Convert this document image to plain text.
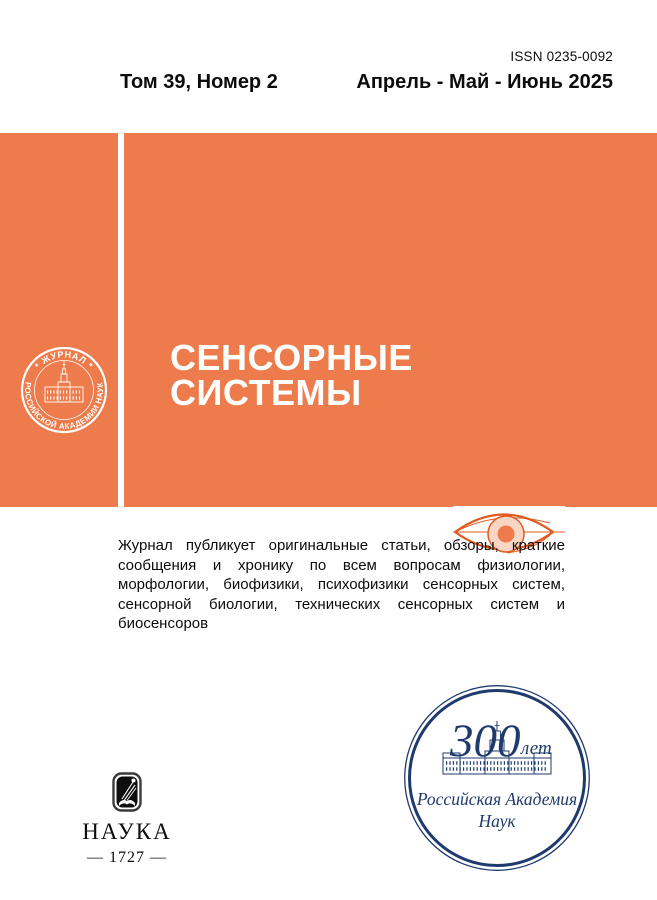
ISSN 0235-0092
Том 39, Номер 2	Апрель - Май - Июнь 2025
* ЖУРНАЛ *
РОССИЙСКОЙ АКАДЕМИИ НАУК
СЕНСОРНЫЕ
СИСТЕМЫ
Журнал публикует оригинальные статьи, обзоры, краткие сообщения и хронику по всем вопросам физиологии, морфологии, биофизики, психофизики сенсорных систем, сенсорной биологии, технических сенсорных систем и биосенсоров
НАУКА
— 1727 —
300 лет
Российская Академия
Наук
